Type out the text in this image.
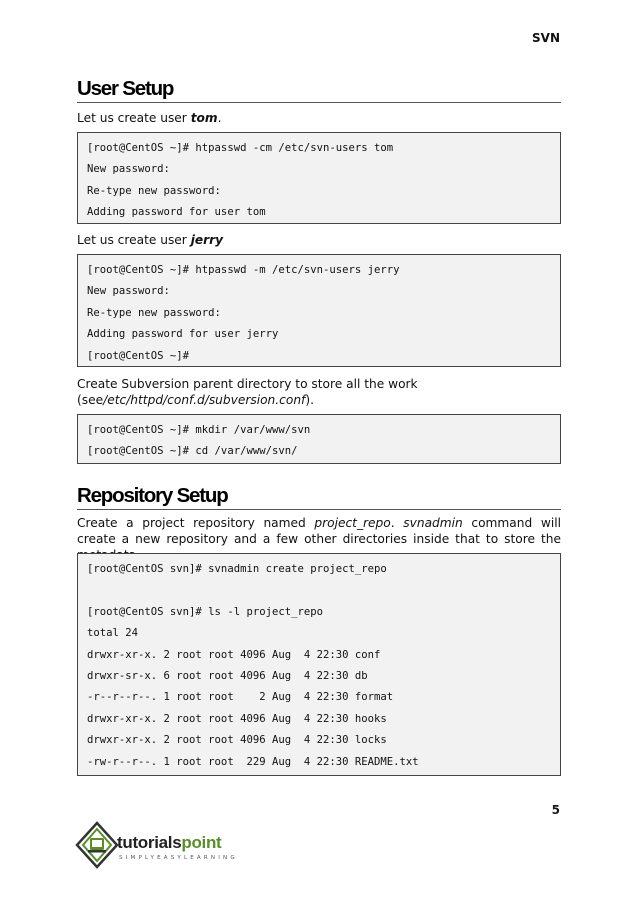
SVN
User Setup
Let us create user tom.
[root@CentOS ~]# htpasswd -cm /etc/svn-users tom
New password:
Re-type new password:
Adding password for user tom
Let us create user jerry
[root@CentOS ~]# htpasswd -m /etc/svn-users jerry
New password:
Re-type new password:
Adding password for user jerry
[root@CentOS ~]#
Create Subversion parent directory to store all the work
(see/etc/httpd/conf.d/subversion.conf).
[root@CentOS ~]# mkdir /var/www/svn
[root@CentOS ~]# cd /var/www/svn/
Repository Setup
Create a project repository named project_repo. svnadmin command will create a new repository and a few other directories inside that to store the
[root@CentOS svn]# svnadmin create project_repo
[root@CentOS svn]# ls -l project_repo
total 24
drwxr-xr-x. 2 root root 4096 Aug  4 22:30 conf
drwxr-sr-x. 6 root root 4096 Aug  4 22:30 db
-r--r--r--. 1 root root    2 Aug  4 22:30 format
drwxr-xr-x. 2 root root 4096 Aug  4 22:30 hooks
drwxr-xr-x. 2 root root 4096 Aug  4 22:30 locks
-rw-r--r--. 1 root root  229 Aug  4 22:30 README.txt
5
tutorialspoint
SIMPLYEASYLEARNING
